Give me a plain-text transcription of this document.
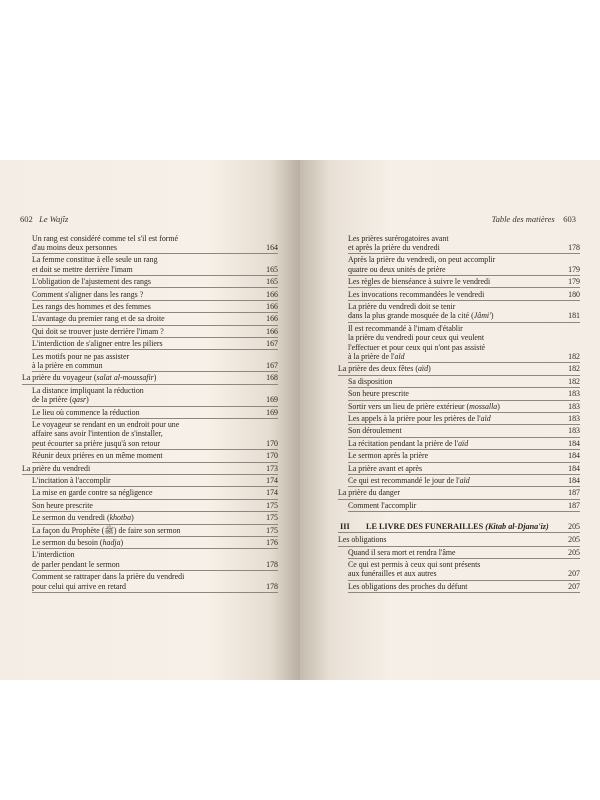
602 Le Wajîz
Un rang est considéré comme tel s'il est formé
d'au moins deux personnes	164
La femme constitue à elle seule un rang
et doit se mettre derrière l'imam	165
L'obligation de l'ajustement des rangs	165
Comment s'aligner dans les rangs ?	166
Les rangs des hommes et des femmes	166
L'avantage du premier rang et de sa droite	166
Qui doit se trouver juste derrière l'imam ?	166
L'interdiction de s'aligner entre les piliers	167
Les motifs pour ne pas assister
à la prière en commun	167
La prière du voyageur (salat al-moussafir)	168
La distance impliquant la réduction
de la prière (qasr)	169
Le lieu où commence la réduction	169
Le voyageur se rendant en un endroit pour une
affaire sans avoir l'intention de s'installer,
peut écourter sa prière jusqu'à son retour	170
Réunir deux prières en un même moment	170
La prière du vendredi	173
L'incitation à l'accomplir	174
La mise en garde contre sa négligence	174
Son heure prescrite	175
Le sermon du vendredi (khotba)	175
La façon du Prophète (ﷺ) de faire son sermon	175
Le sermon du besoin (hadja)	176
L'interdiction
de parler pendant le sermon	178
Comment se rattraper dans la prière du vendredi
pour celui qui arrive en retard	178
Table des matières 603
Les prières surérogatoires avant
et après la prière du vendredi	178
Après la prière du vendredi, on peut accomplir
quatre ou deux unités de prière	179
Les règles de bienséance à suivre le vendredi	179
Les invocations recommandées le vendredi	180
La prière du vendredi doit se tenir
dans la plus grande mosquée de la cité (Jâmi')	181
Il est recommandé à l'imam d'établir
la prière du vendredi pour ceux qui veulent
l'effectuer et pour ceux qui n'ont pas assisté
à la prière de l'aïd	182
La prière des deux fêtes (aïd)	182
Sa disposition	182
Son heure prescrite	183
Sortir vers un lieu de prière extérieur (mossalla)	183
Les appels à la prière pour les prières de l'aïd	183
Son déroulement	183
La récitation pendant la prière de l'aïd	184
Le sermon après la prière	184
La prière avant et après	184
Ce qui est recommandé le jour de l'aïd	184
La prière du danger	187
Comment l'accomplir	187
III	LE LIVRE DES FUNERAILLES (Kitab al-Djana'iz)	205
Les obligations	205
Quand il sera mort et rendra l'âme	205
Ce qui est permis à ceux qui sont présents
aux funérailles et aux autres	207
Les obligations des proches du défunt	207
